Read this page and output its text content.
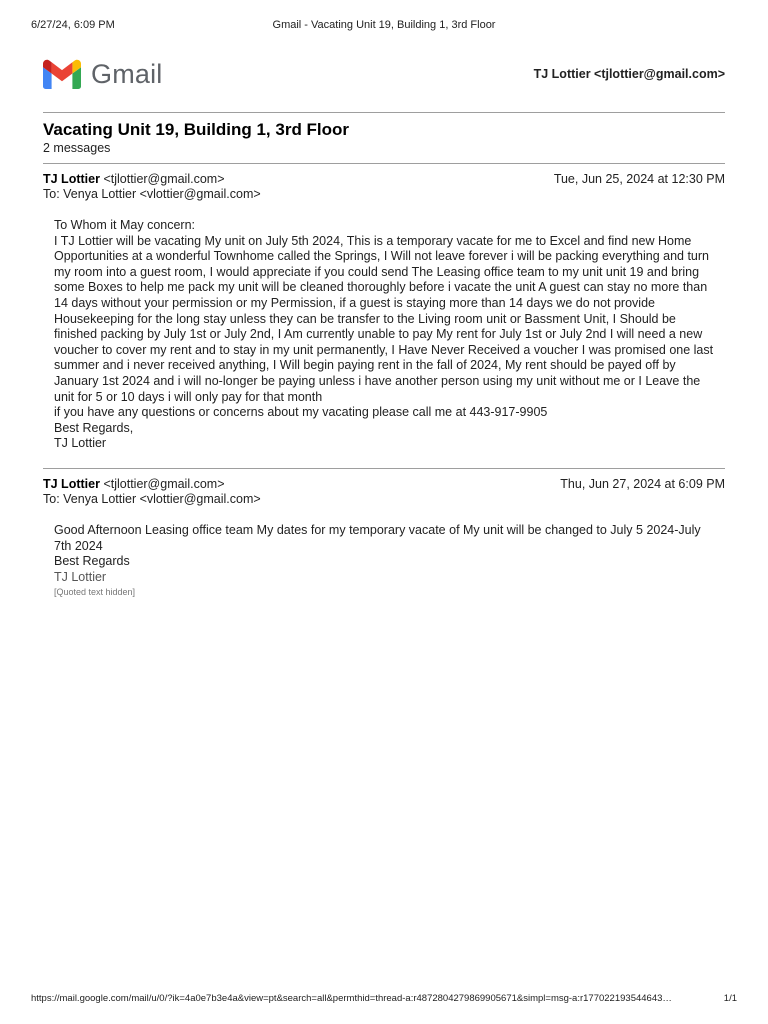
6/27/24, 6:09 PM	Gmail - Vacating Unit 19, Building 1, 3rd Floor
Gmail	TJ Lottier <tjlottier@gmail.com>
Vacating Unit 19, Building 1, 3rd Floor
2 messages
TJ Lottier <tjlottier@gmail.com>	Tue, Jun 25, 2024 at 12:30 PM
To: Venya Lottier <vlottier@gmail.com>
To Whom it May concern:
I TJ Lottier will be vacating My unit on July 5th 2024, This is a temporary vacate for me to Excel and find new Home Opportunities at a wonderful Townhome called the Springs, I Will not leave forever i will be packing everything and turn my room into a guest room, I would appreciate if you could send The Leasing office team to my unit unit 19 and bring some Boxes to help me pack my unit will be cleaned thoroughly before i vacate the unit A guest can stay no more than 14 days without your permission or my Permission, if a guest is staying more than 14 days we do not provide Housekeeping for the long stay unless they can be transfer to the Living room unit or Bassment Unit, I Should be finished packing by July 1st or July 2nd, I Am currently unable to pay My rent for July 1st or July 2nd I will need a new voucher to cover my rent and to stay in my unit permanently, I Have Never Received a voucher I was promised one last summer and i never received anything, I Will begin paying rent in the fall of 2024, My rent should be payed off by January 1st 2024 and i will no-longer be paying unless i have another person using my unit without me or I Leave the unit for 5 or 10 days i will only pay for that month
if you have any questions or concerns about my vacating please call me at 443-917-9905
Best Regards,
TJ Lottier
TJ Lottier <tjlottier@gmail.com>	Thu, Jun 27, 2024 at 6:09 PM
To: Venya Lottier <vlottier@gmail.com>
Good Afternoon Leasing office team My dates for my temporary vacate of My unit will be changed to July 5 2024-July 7th 2024
Best Regards
TJ Lottier
[Quoted text hidden]
https://mail.google.com/mail/u/0/?ik=4a0e7b3e4a&view=pt&search=all&permthid=thread-a:r4872804279869905671&simpl=msg-a:r177022193544643…	1/1
